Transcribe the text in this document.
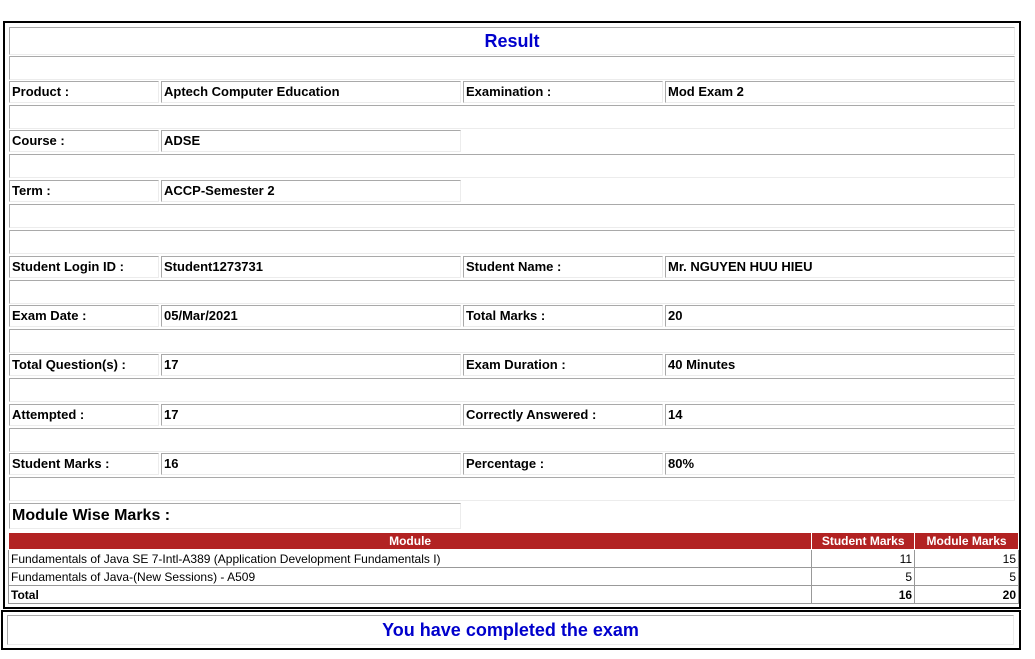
Result
Product :	Aptech Computer Education	Examination :	Mod Exam 2
Course :	ADSE
Term :	ACCP-Semester 2
Student Login ID :	Student1273731	Student Name :	Mr. NGUYEN HUU HIEU
Exam Date :	05/Mar/2021	Total Marks :	20
Total Question(s) :	17	Exam Duration :	40 Minutes
Attempted :	17	Correctly Answered :	14
Student Marks :	16	Percentage :	80%
Module Wise Marks :
Module	Student Marks	Module Marks
Fundamentals of Java SE 7-Intl-A389 (Application Development Fundamentals I)	11	15
Fundamentals of Java-(New Sessions) - A509	5	5
Total	16	20
You have completed the exam
